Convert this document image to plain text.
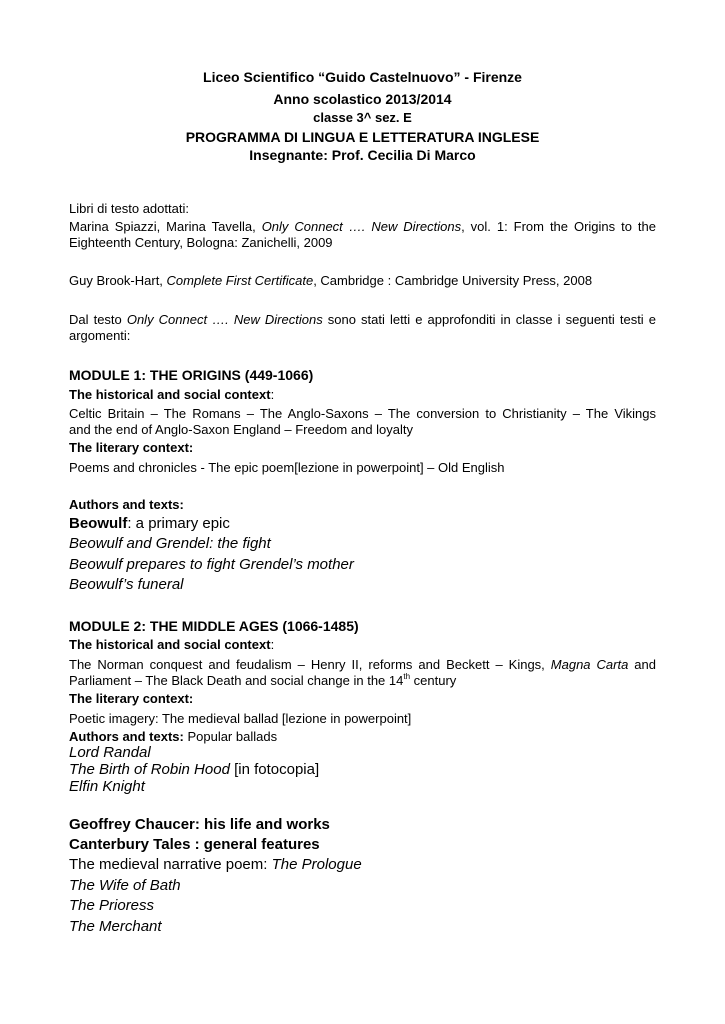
Liceo Scientifico “Guido Castelnuovo” - Firenze
Anno scolastico 2013/2014
classe 3^ sez. E
PROGRAMMA DI LINGUA E LETTERATURA INGLESE
Insegnante: Prof. Cecilia Di Marco
Libri di testo adottati:
Marina Spiazzi, Marina Tavella, Only Connect …. New Directions, vol. 1: From the Origins to the
Eighteenth Century, Bologna: Zanichelli, 2009
Guy Brook-Hart, Complete First Certificate, Cambridge : Cambridge University Press, 2008
Dal testo Only Connect …. New Directions sono stati letti e approfonditi in classe i seguenti testi e
argomenti:
MODULE 1: THE ORIGINS (449-1066)
The historical and social context:
Celtic Britain – The Romans – The Anglo-Saxons – The conversion to Christianity – The Vikings
and the end of Anglo-Saxon England – Freedom and loyalty
The literary context:
Poems and chronicles - The epic poem[lezione in powerpoint] – Old English
Authors and texts:
Beowulf: a primary epic
Beowulf and Grendel: the fight
Beowulf prepares to fight Grendel’s mother
Beowulf’s funeral
MODULE 2: THE MIDDLE AGES (1066-1485)
The historical and social context:
The Norman conquest and feudalism – Henry II, reforms and Beckett – Kings, Magna Carta and
Parliament – The Black Death and social change in the 14th century
The literary context:
Poetic imagery: The medieval ballad [lezione in powerpoint]
Authors and texts: Popular ballads
Lord Randal
The Birth of Robin Hood [in fotocopia]
Elfin Knight
Geoffrey Chaucer: his life and works
Canterbury Tales : general features
The medieval narrative poem: The Prologue
The Wife of Bath
The Prioress
The Merchant
